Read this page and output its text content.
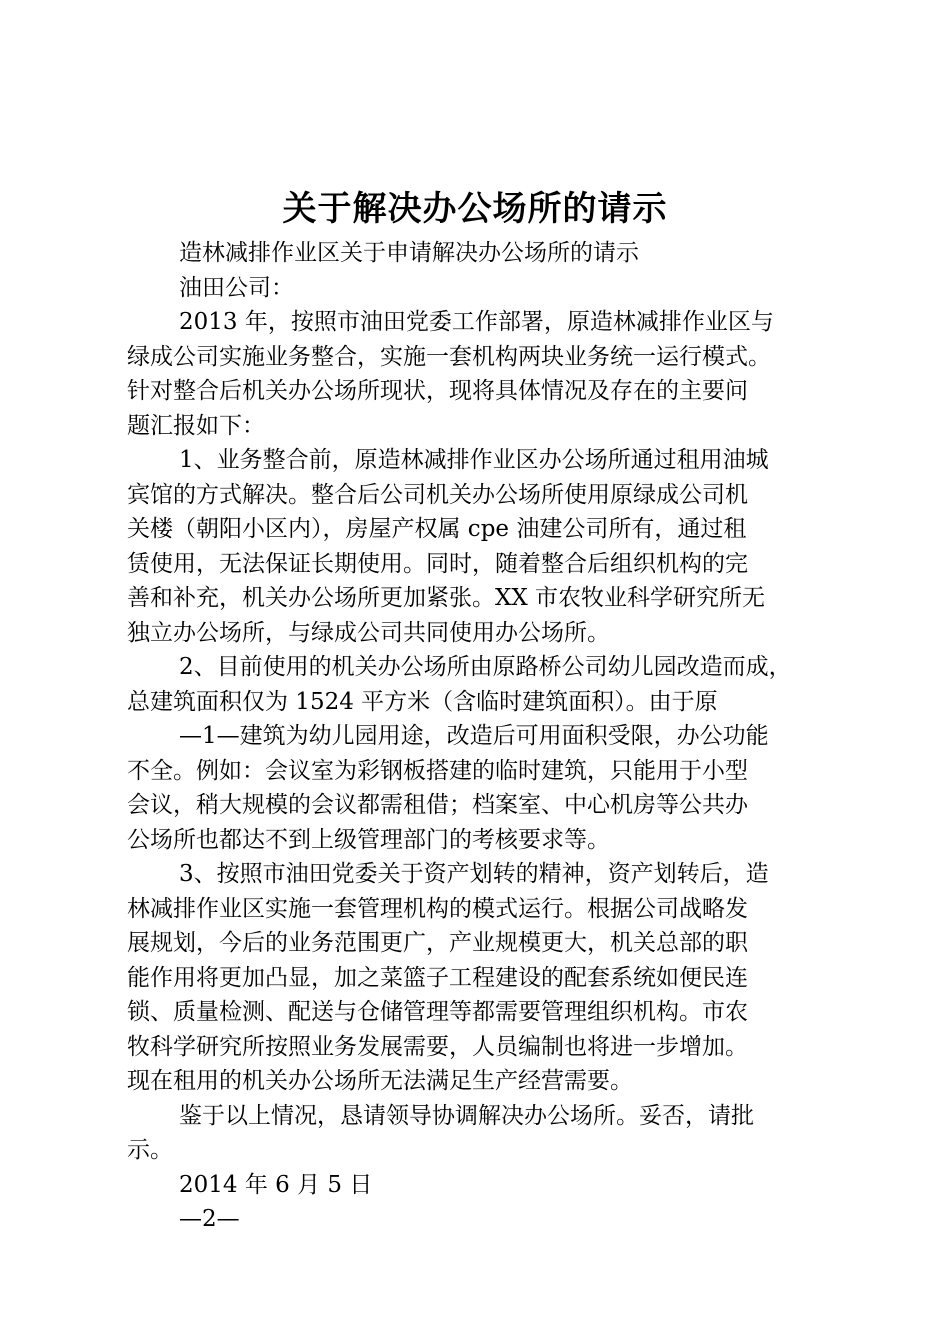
关于解决办公场所的请示

造林减排作业区关于申请解决办公场所的请示

油田公司：

2013 年，按照市油田党委工作部署，原造林减排作业区与

绿成公司实施业务整合，实施一套机构两块业务统一运行模式。

针对整合后机关办公场所现状，现将具体情况及存在的主要问

题汇报如下：

1、业务整合前，原造林减排作业区办公场所通过租用油城

宾馆的方式解决。整合后公司机关办公场所使用原绿成公司机

关楼（朝阳小区内），房屋产权属 cpe 油建公司所有，通过租

赁使用，无法保证长期使用。同时，随着整合后组织机构的完

善和补充，机关办公场所更加紧张。XX 市农牧业科学研究所无

独立办公场所，与绿成公司共同使用办公场所。

2、目前使用的机关办公场所由原路桥公司幼儿园改造而成，

总建筑面积仅为 1524 平方米（含临时建筑面积）。由于原

—1—建筑为幼儿园用途，改造后可用面积受限，办公功能

不全。例如：会议室为彩钢板搭建的临时建筑，只能用于小型

会议，稍大规模的会议都需租借；档案室、中心机房等公共办

公场所也都达不到上级管理部门的考核要求等。

3、按照市油田党委关于资产划转的精神，资产划转后，造

林减排作业区实施一套管理机构的模式运行。根据公司战略发

展规划，今后的业务范围更广，产业规模更大，机关总部的职

能作用将更加凸显，加之菜篮子工程建设的配套系统如便民连

锁、质量检测、配送与仓储管理等都需要管理组织机构。市农

牧科学研究所按照业务发展需要，人员编制也将进一步增加。

现在租用的机关办公场所无法满足生产经营需要。

鉴于以上情况，恳请领导协调解决办公场所。妥否，请批

示。

2014 年 6 月 5 日

—2—
